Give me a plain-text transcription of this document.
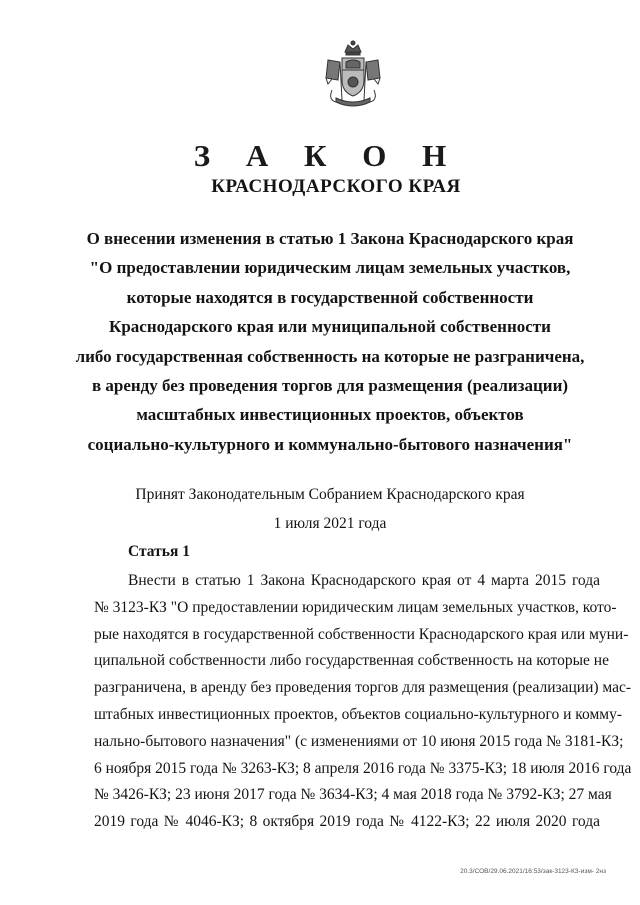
З А К О Н
КРАСНОДАРСКОГО КРАЯ
О внесении изменения в статью 1 Закона Краснодарского края
"О предоставлении юридическим лицам земельных участков,
которые находятся в государственной собственности
Краснодарского края или муниципальной собственности
либо государственная собственность на которые не разграничена,
в аренду без проведения торгов для размещения (реализации)
масштабных инвестиционных проектов, объектов
социально-культурного и коммунально-бытового назначения"
Принят Законодательным Собранием Краснодарского края
1 июля 2021 года
Статья 1
Внести в статью 1 Закона Краснодарского края от 4 марта 2015 года
№ 3123-КЗ "О предоставлении юридическим лицам земельных участков, кото-
рые находятся в государственной собственности Краснодарского края или муни-
ципальной собственности либо государственная собственность на которые не
разграничена, в аренду без проведения торгов для размещения (реализации) мас-
штабных инвестиционных проектов, объектов социально-культурного и комму-
нально-бытового назначения" (с изменениями от 10 июня 2015 года № 3181-КЗ;
6 ноября 2015 года № 3263-КЗ; 8 апреля 2016 года № 3375-КЗ; 18 июля 2016 года
№ 3426-КЗ; 23 июня 2017 года № 3634-КЗ; 4 мая 2018 года № 3792-КЗ; 27 мая
2019 года № 4046-КЗ; 8 октября 2019 года № 4122-КЗ; 22 июля 2020 года
20.3/СОВ/29.06.2021/16:53/зак-3123-КЗ-изм- 2нз
